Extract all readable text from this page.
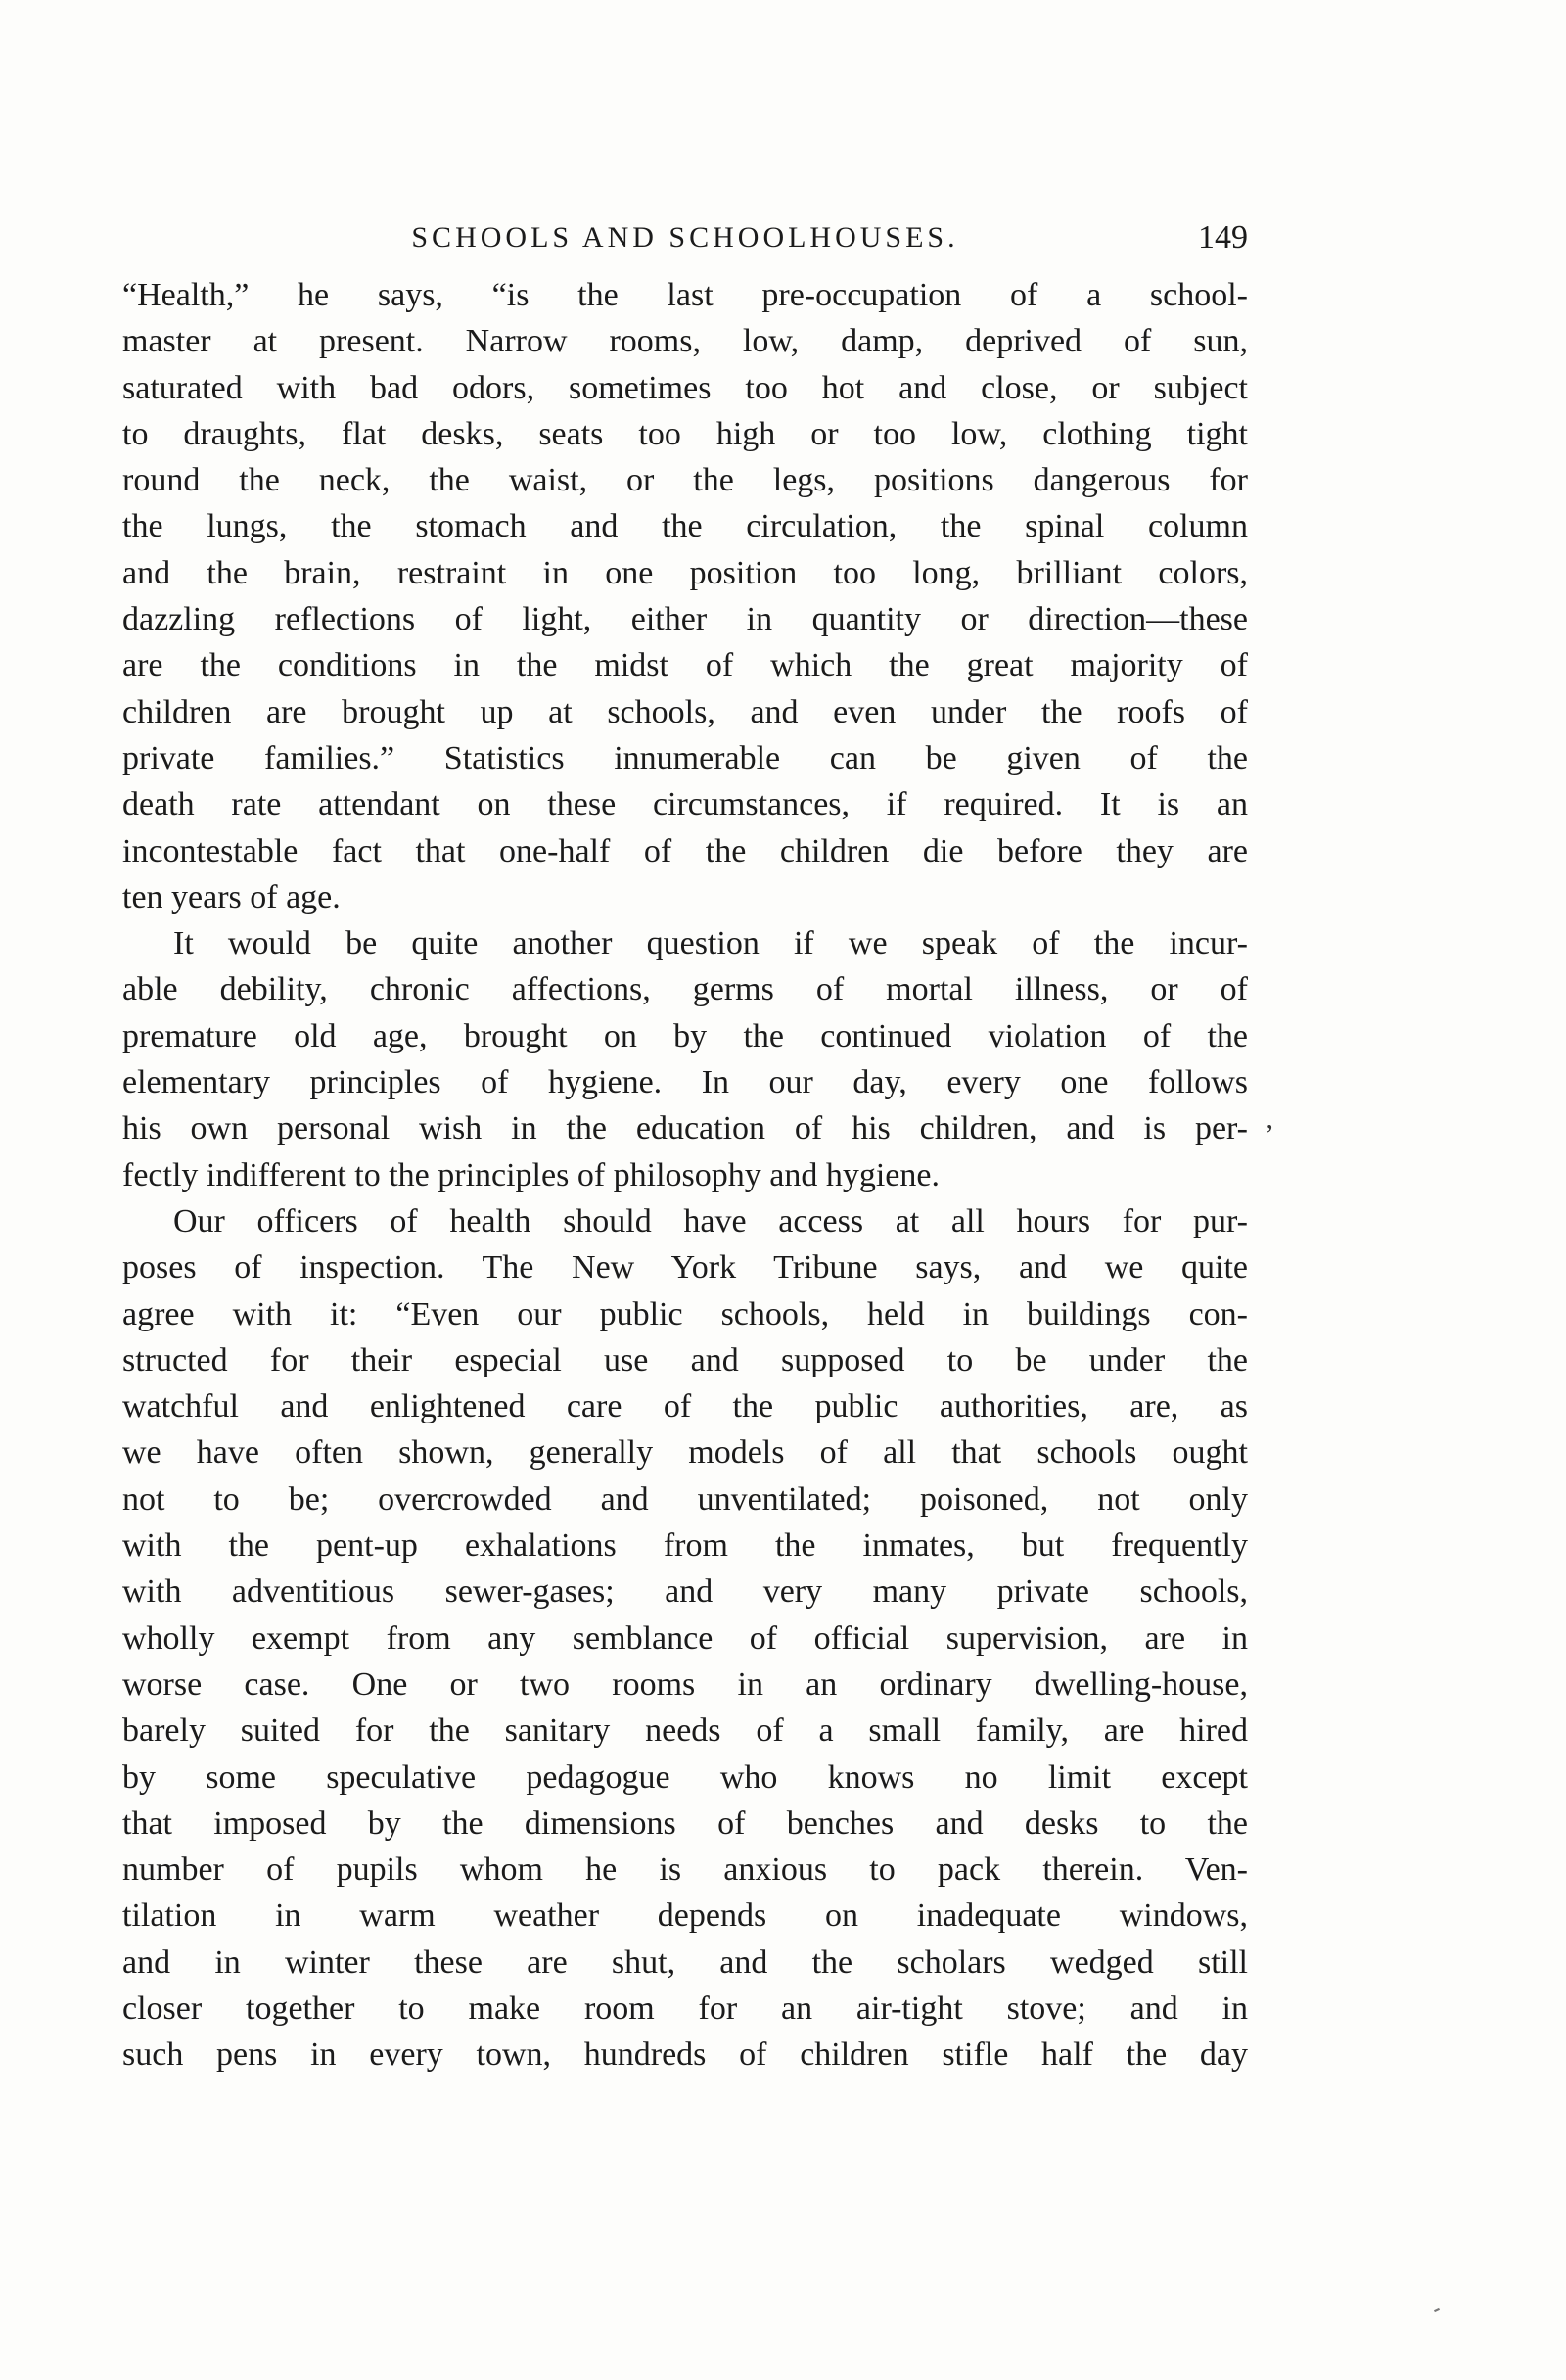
SCHOOLS AND SCHOOLHOUSES.	149
“Health,” he says, “is the last pre-occupation of a school-
master at present. Narrow rooms, low, damp, deprived of sun,
saturated with bad odors, sometimes too hot and close, or subject
to draughts, flat desks, seats too high or too low, clothing tight
round the neck, the waist, or the legs, positions dangerous for
the lungs, the stomach and the circulation, the spinal column
and the brain, restraint in one position too long, brilliant colors,
dazzling reflections of light, either in quantity or direction—these
are the conditions in the midst of which the great majority of
children are brought up at schools, and even under the roofs of
private families.” Statistics innumerable can be given of the
death rate attendant on these circumstances, if required. It is an
incontestable fact that one-half of the children die before they are
ten years of age.
It would be quite another question if we speak of the incur-
able debility, chronic affections, germs of mortal illness, or of
premature old age, brought on by the continued violation of the
elementary principles of hygiene. In our day, every one follows
his own personal wish in the education of his children, and is per-
fectly indifferent to the principles of philosophy and hygiene.
Our officers of health should have access at all hours for pur-
poses of inspection. The New York Tribune says, and we quite
agree with it: “Even our public schools, held in buildings con-
structed for their especial use and supposed to be under the
watchful and enlightened care of the public authorities, are, as
we have often shown, generally models of all that schools ought
not to be; overcrowded and unventilated; poisoned, not only
with the pent-up exhalations from the inmates, but frequently
with adventitious sewer-gases; and very many private schools,
wholly exempt from any semblance of official supervision, are in
worse case. One or two rooms in an ordinary dwelling-house,
barely suited for the sanitary needs of a small family, are hired
by some speculative pedagogue who knows no limit except
that imposed by the dimensions of benches and desks to the
number of pupils whom he is anxious to pack therein. Ven-
tilation in warm weather depends on inadequate windows,
and in winter these are shut, and the scholars wedged still
closer together to make room for an air-tight stove; and in
such pens in every town, hundreds of children stifle half the day
ʼ
